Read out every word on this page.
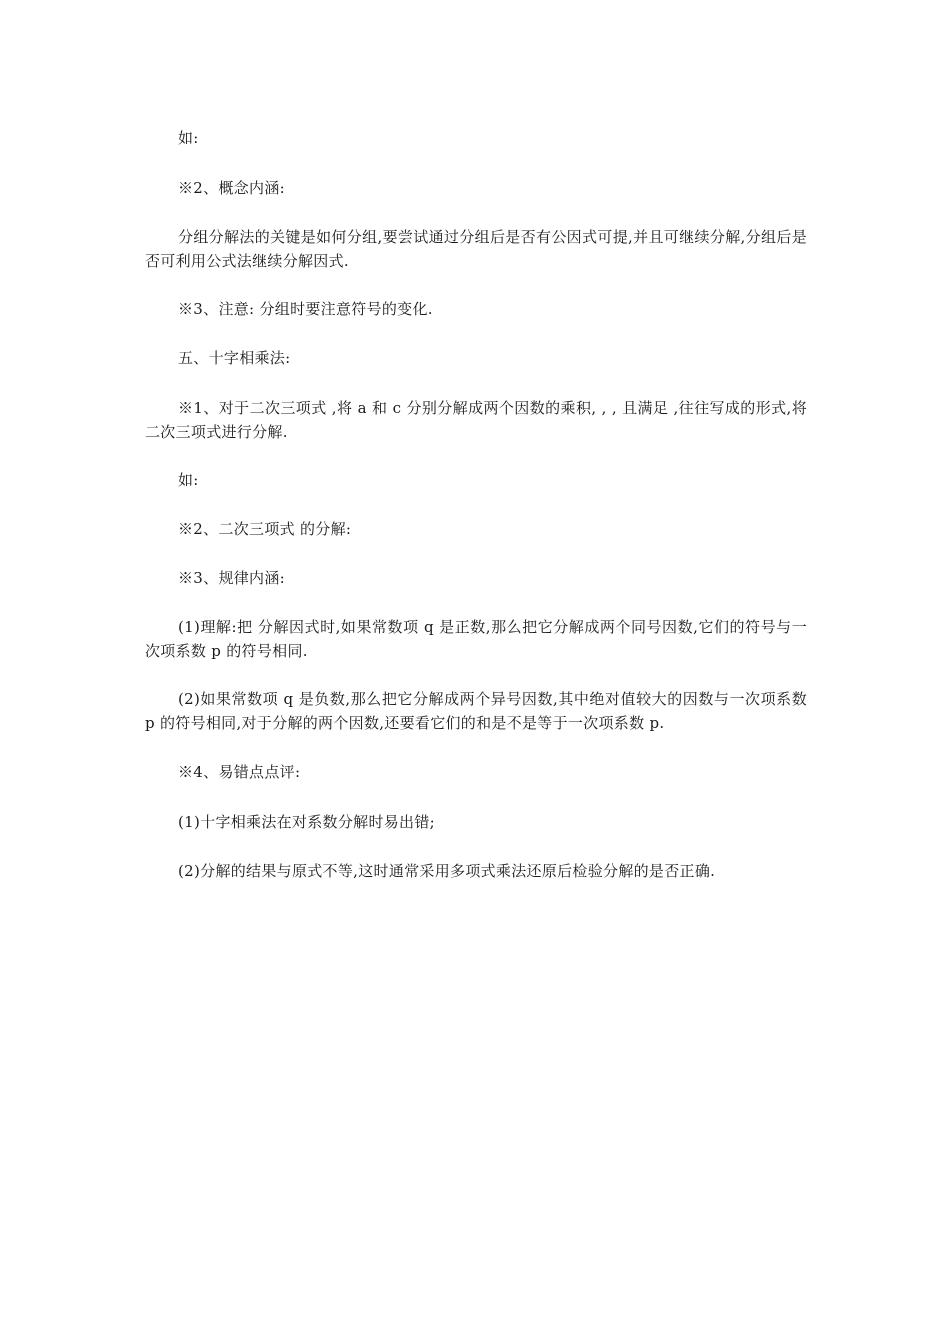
如:

※2、概念内涵:

分组分解法的关键是如何分组,要尝试通过分组后是否有公因式可提,并且可继续分解,分组后是否可利用公式法继续分解因式.

※3、注意: 分组时要注意符号的变化.

五、十字相乘法:

※1、对于二次三项式 ,将 a 和 c 分别分解成两个因数的乘积, , , 且满足 ,往往写成的形式,将二次三项式进行分解.

如:

※2、二次三项式 的分解:

※3、规律内涵:

(1)理解:把 分解因式时,如果常数项 q 是正数,那么把它分解成两个同号因数,它们的符号与一次项系数 p 的符号相同.

(2)如果常数项 q 是负数,那么把它分解成两个异号因数,其中绝对值较大的因数与一次项系数 p 的符号相同,对于分解的两个因数,还要看它们的和是不是等于一次项系数 p.

※4、易错点点评:

(1)十字相乘法在对系数分解时易出错;

(2)分解的结果与原式不等,这时通常采用多项式乘法还原后检验分解的是否正确.
